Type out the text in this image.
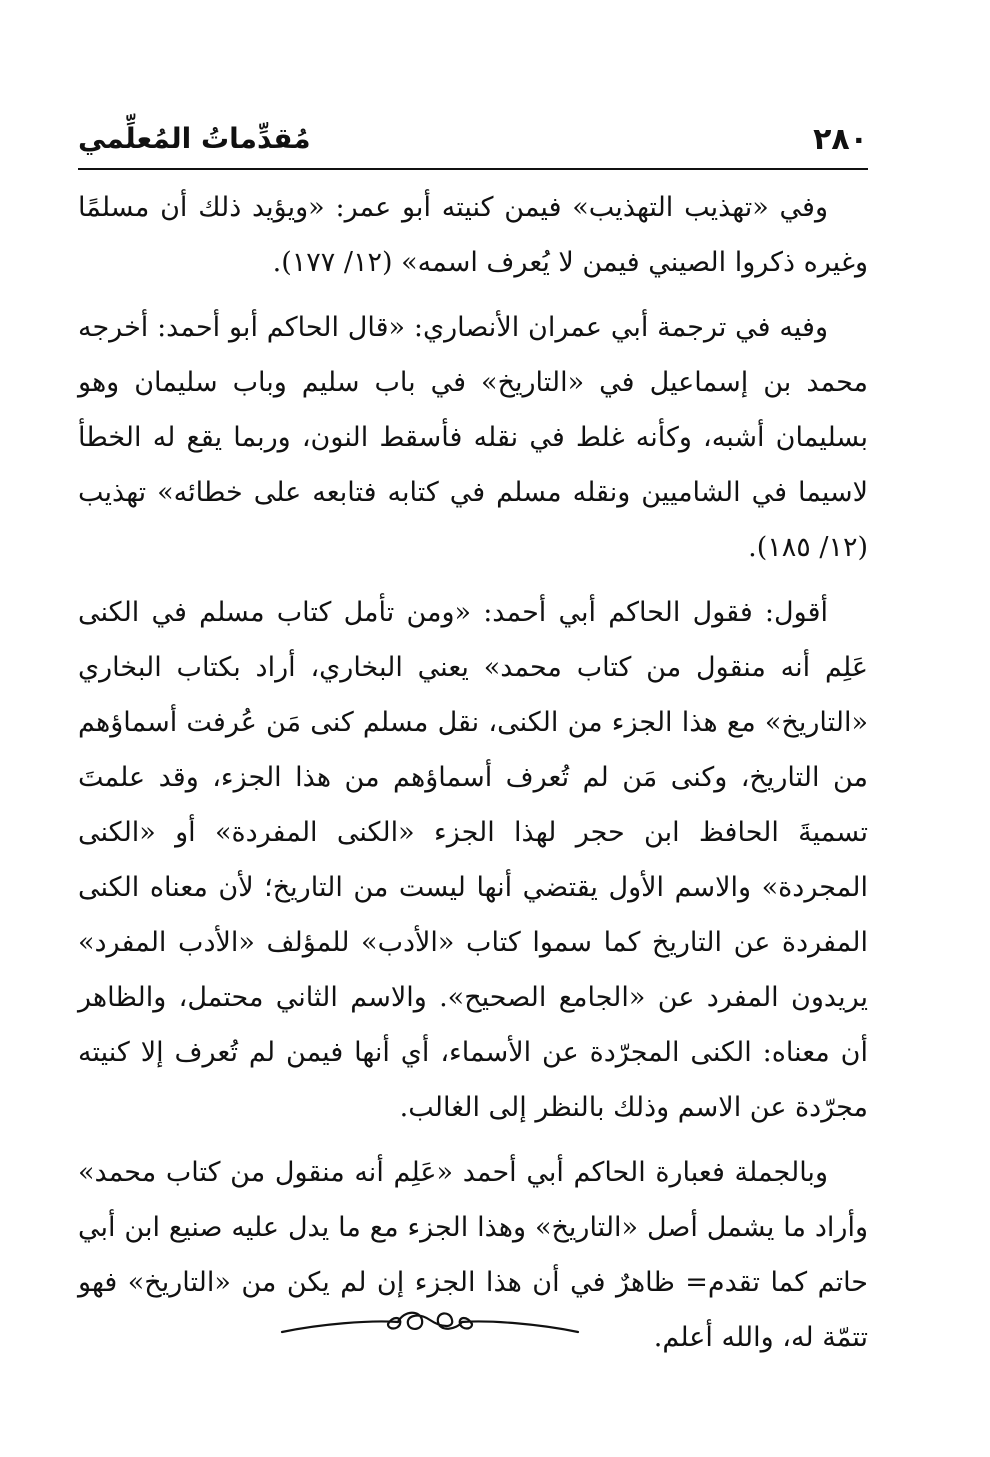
٢٨٠
مُقدِّماتُ المُعلِّمي

وفي «تهذيب التهذيب» فيمن كنيته أبو عمر: «ويؤيد ذلك أن مسلمًا وغيره ذكروا الصيني فيمن لا يُعرف اسمه» (١٢/ ١٧٧).

وفيه في ترجمة أبي عمران الأنصاري: «قال الحاكم أبو أحمد: أخرجه محمد بن إسماعيل في «التاريخ» في باب سليم وباب سليمان وهو بسليمان أشبه، وكأنه غلط في نقله فأسقط النون، وربما يقع له الخطأ لاسيما في الشاميين ونقله مسلم في كتابه فتابعه على خطائه» تهذيب (١٢/ ١٨٥).

أقول: فقول الحاكم أبي أحمد: «ومن تأمل كتاب مسلم في الكنى عَلِم أنه منقول من كتاب محمد» يعني البخاري، أراد بكتاب البخاري «التاريخ» مع هذا الجزء من الكنى، نقل مسلم كنى مَن عُرفت أسماؤهم من التاريخ، وكنى مَن لم تُعرف أسماؤهم من هذا الجزء، وقد علمتَ تسميةَ الحافظ ابن حجر لهذا الجزء «الكنى المفردة» أو «الكنى المجردة» والاسم الأول يقتضي أنها ليست من التاريخ؛ لأن معناه الكنى المفردة عن التاريخ كما سموا كتاب «الأدب» للمؤلف «الأدب المفرد» يريدون المفرد عن «الجامع الصحيح». والاسم الثاني محتمل، والظاهر أن معناه: الكنى المجرّدة عن الأسماء، أي أنها فيمن لم تُعرف إلا كنيته مجرّدة عن الاسم وذلك بالنظر إلى الغالب.

وبالجملة فعبارة الحاكم أبي أحمد «عَلِم أنه منقول من كتاب محمد» وأراد ما يشمل أصل «التاريخ» وهذا الجزء مع ما يدل عليه صنيع ابن أبي حاتم كما تقدم= ظاهرٌ في أن هذا الجزء إن لم يكن من «التاريخ» فهو تتمّة له، والله أعلم.
